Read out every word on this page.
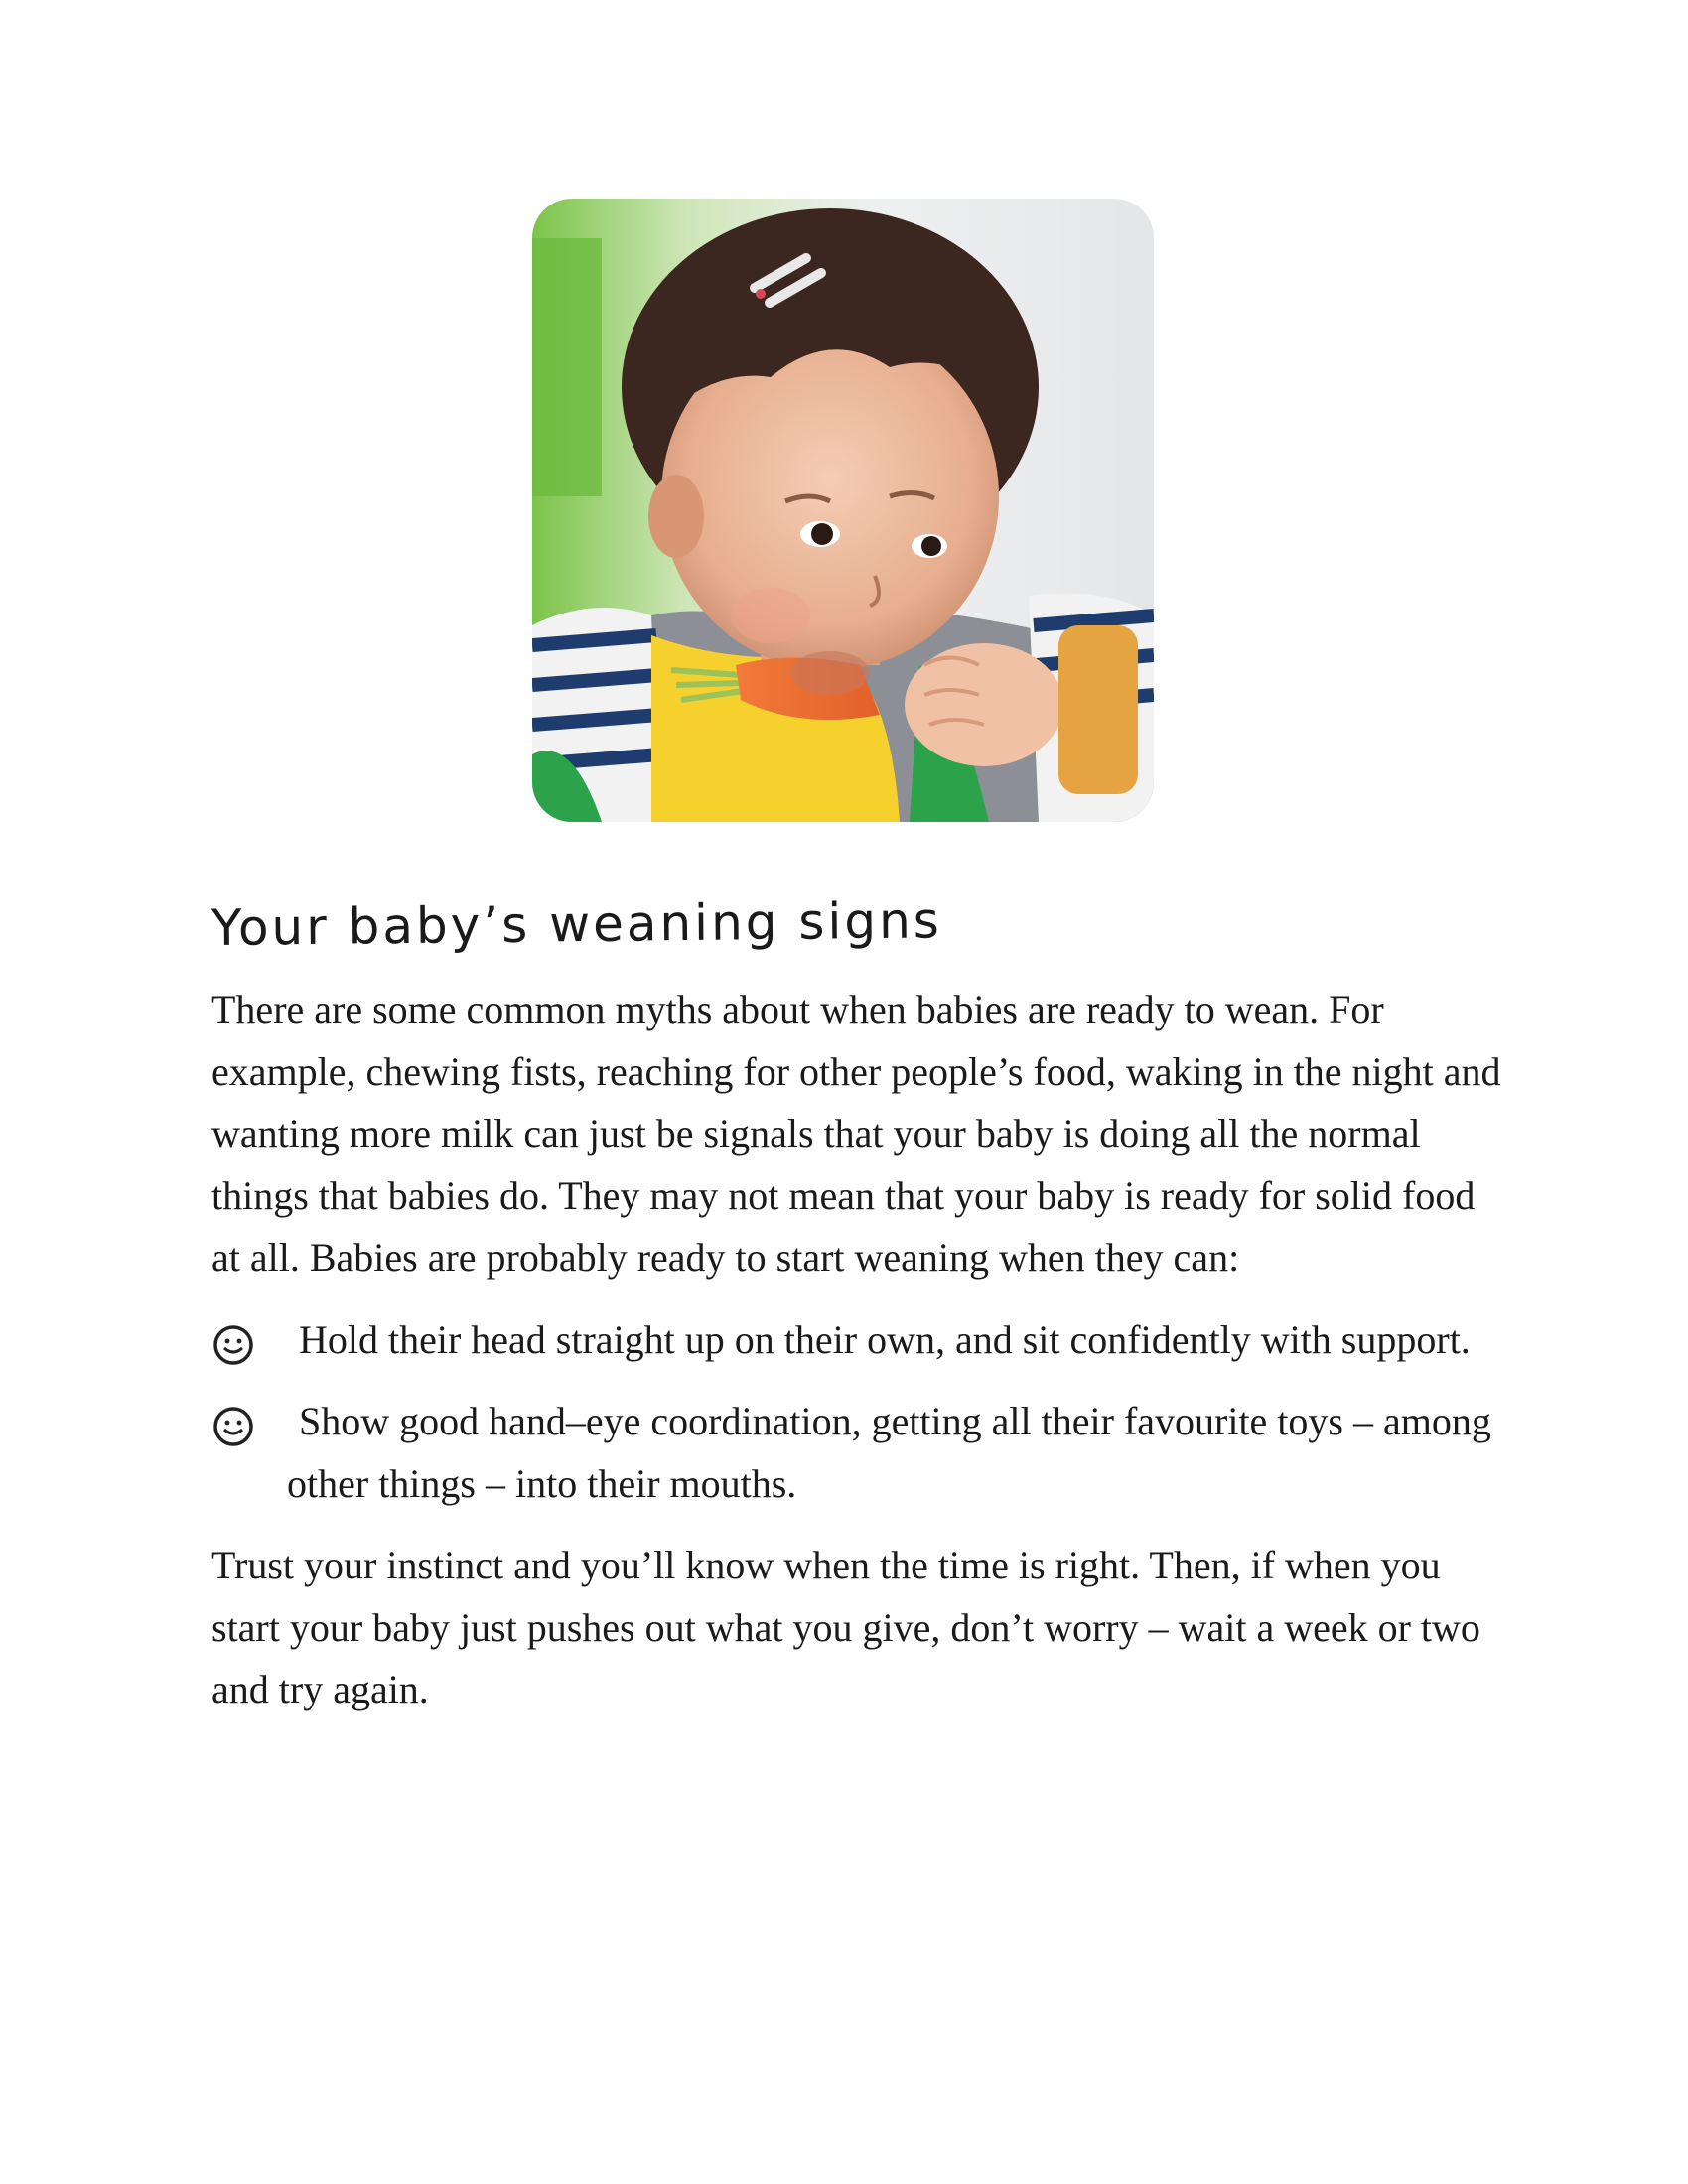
Your baby’s weaning signs

There are some common myths about when babies are ready to wean. For example, chewing fists, reaching for other people’s food, waking in the night and wanting more milk can just be signals that your baby is doing all the normal things that babies do. They may not mean that your baby is ready for solid food at all. Babies are probably ready to start weaning when they can:

Hold their head straight up on their own, and sit confidently with support.
Show good hand–eye coordination, getting all their favourite toys – among other things – into their mouths.

Trust your instinct and you’ll know when the time is right. Then, if when you start your baby just pushes out what you give, don’t worry – wait a week or two and try again.
